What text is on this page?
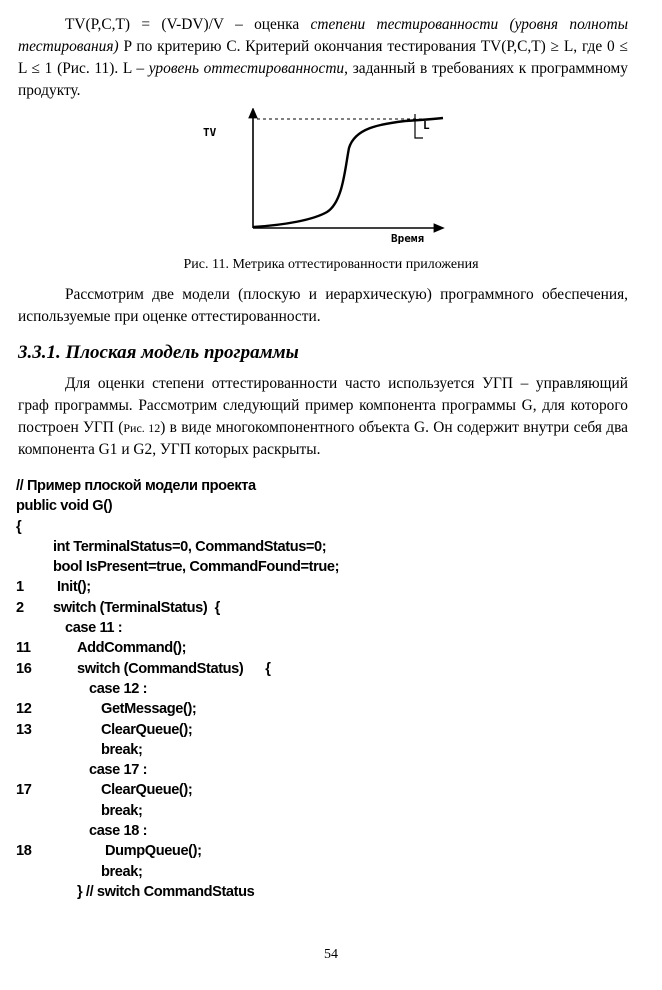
TV(P,C,T) = (V-DV)/V – оценка степени тестированности (уровня полноты тестирования) P по критерию C. Критерий окончания тестирования TV(P,C,T) ≥ L, где 0 ≤ L ≤ 1 (Рис. 11). L – уровень оттестированности, заданный в требованиях к программному продукту.

TV
Время
L
Рис. 11. Метрика оттестированности приложения

Рассмотрим две модели (плоскую и иерархическую) программного обеспечения, используемые при оценке оттестированности.

3.3.1. Плоская модель программы

Для оценки степени оттестированности часто используется УГП – управляющий граф программы. Рассмотрим следующий пример компонента программы G, для которого построен УГП (Рис. 12) в виде многокомпонентного объекта G. Он содержит внутри себя два компонента G1 и G2, УГП которых раскрыты.

// Пример плоской модели проекта
public void G()
{
int TerminalStatus=0, CommandStatus=0;
bool IsPresent=true, CommandFound=true;
1 Init();
2 switch (TerminalStatus)  {
case 11 :
11	AddCommand();
16	switch (CommandStatus)      {
case 12 :
12	GetMessage();
13	ClearQueue();
break;
case 17 :
17	ClearQueue();
break;
case 18 :
18	DumpQueue();
break;
} // switch CommandStatus
54
